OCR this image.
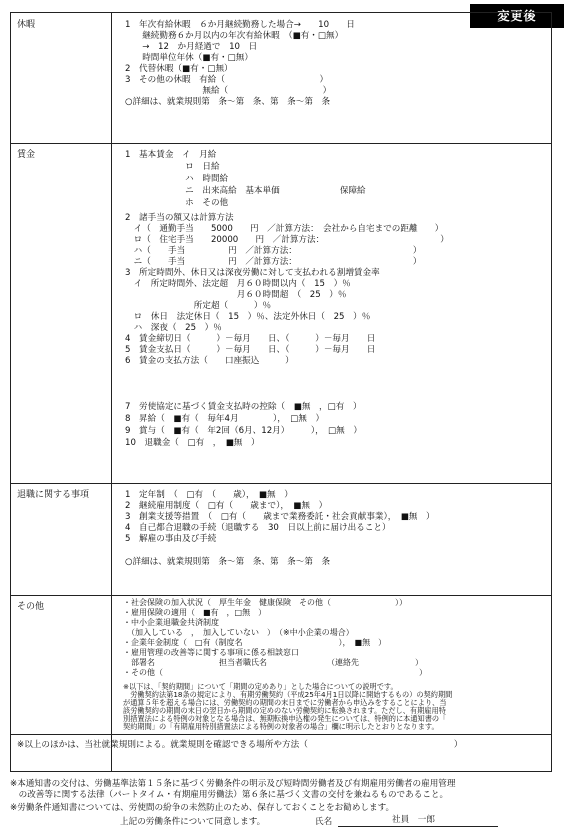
変更後
休暇	1　年次有給休暇　６か月継続勤務した場合→　　10　　日
　　継続勤務６か月以内の年次有給休暇　（■有・□無）
　　→　12　か月経過で　10　日
　　時間単位年休（■有・□無）
2　代替休暇（■有・□無）
3　その他の休暇　有給（　　　　　　　　　　　）
　　　　　　　　　無給（　　　　　　　　　　　）
○詳細は、就業規則第　条～第　条、第　条～第　条
賃金	1　基本賃金　イ　月給
　　　　　　　ロ　日給
　　　　　　　ハ　時間給
　　　　　　　ニ　出来高給　基本単価　　　　　　　保障給
　　　　　　　ホ　その他
2　諸手当の額又は計算方法
　イ（　通勤手当　　5000　　円　／計算方法：　会社から自宅までの距離　　）
　ロ（　住宅手当　　20000　　円　／計算方法：　　　　　　　　　　　　　　）
　ハ（　　手当　　　　　円　／計算方法：　　　　　　　　　　　　　　）
　ニ（　　手当　　　　　円　／計算方法：　　　　　　　　　　　　　　）
3　所定時間外、休日又は深夜労働に対して支払われる割増賃金率
　イ　所定時間外、法定超　月６０時間以内（　15　）％
　　　　　　　　　　　　　月６０時間超　（　25　）％
　　　　　　　　所定超（　　　）％
　ロ　休日　法定休日（　15　）％、法定外休日（　25　）％
　ハ　深夜（　25　）％
4　賃金締切日（　　　）－毎月　　日、（　　　）－毎月　　日
5　賃金支払日（　　　）－毎月　　日、（　　　）－毎月　　日
6　賃金の支払方法（　　口座振込　　　）
7　労使協定に基づく賃金支払時の控除（　■無　，□有　）
8　昇給（　■有（　毎年4月　　　　），　□無　）
9　賞与（　■有（　年2回（6月、12月）　　　），　□無　）
10　退職金（　□有　，　■無　）
退職に関する事項	1　定年制　（　□有　（　　歳），　■無　）
2　継続雇用制度（　□有（　　歳まで），　■無　）
3　創業支援等措置　（　□有（　　歳まで業務委託・社会貢献事業），　■無　）
4　自己都合退職の手続（退職する　30　日以上前に届け出ること）
5　解雇の事由及び手続
○詳細は、就業規則第　条～第　条、第　条～第　条
その他	・社会保険の加入状況（　厚生年金　健康保険　その他（　　　　　　　　））
・雇用保険の適用（　■有　，□無　）
・中小企業退職金共済制度
　（加入している　，　加入していない　）　（※中小企業の場合）
・企業年金制度（　□有（制度名　　　　　　　　　　　　），　■無　）
・雇用管理の改善等に関する事項に係る相談窓口
　部署名　　　　　　　　担当者職氏名　　　　　　　　（連絡先　　　　　　　）
・その他（　　　　　　　　　　　　　　　　　　　　　　　　　　　　　　　　）
※以下は、「契約期間」について「期間の定めあり」とした場合についての説明です。
　労働契約法第18条の規定により、有期労働契約（平成25年4月1日以降に開始するもの）の契約期間
が通算５年を超える場合には、労働契約の期間の末日までに労働者から申込みをすることにより、当
該労働契約の期間の末日の翌日から期間の定めのない労働契約に転換されます。ただし、有期雇用特
別措置法による特例の対象となる場合は、無期転換申込権の発生については、特例的に本通知書の「
契約期間」の「有期雇用特別措置法による特例の対象者の場合」欄に明示したとおりとなります。
※以上のほかは、当社就業規則による。就業規則を確認できる場所や方法（　　　　　　　　　　　　　　　　　）
※本通知書の交付は、労働基準法第１５条に基づく労働条件の明示及び短時間労働者及び有期雇用労働者の雇用管理
　の改善等に関する法律（パートタイム・有期雇用労働法）第６条に基づく文書の交付を兼ねるものであること。
※労働条件通知書については、労使間の紛争の未然防止のため、保存しておくことをお勧めします。
上記の労働条件について同意します。	氏名	社員　一郎
